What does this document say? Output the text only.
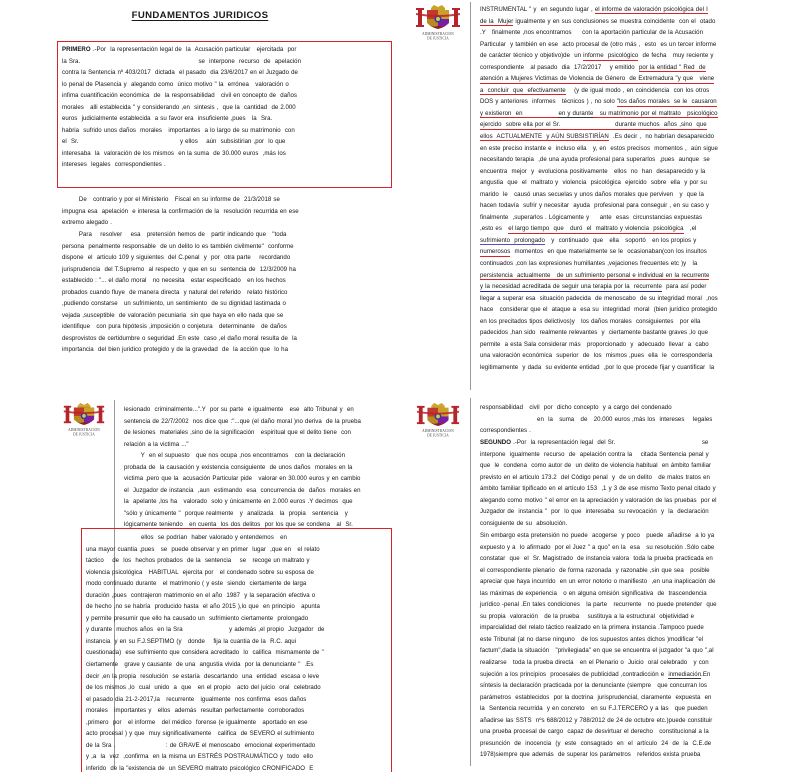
FUNDAMENTOS JURIDICOS
PRIMERO .-Por  la representación legal de  la  Acusación particular   ejercitada  por
la Sra.                                                        se  interpone  recurso  de  apelación
contra la Sentencia nº 403/2017  dictada  el pasado  dia 23/6/2017 en el Juzgado de
lo penal de Plasencia y  alegando como  único motivo " la  errónea   valoración o
infima cuantificación económica  de  la responsabilidad   civil en concepto de  daños
morales   alli establecida " y considerando ,en  sintesis ,  que la  cantidad  de 2.000
euros  judicialmente establecida  a su favor era  insuficiente ,pues   la  Sra.
habria  sufrido unos daños  morales   importantes  a lo largo de su matrimonio  con
el  Sr.                                                y ellos    aún  subsistirian ,por  lo que
interesaba  la  valoración de los mismos  en la suma  de 30.000 euros  ,más los
intereses  legales  correspondientes .
De   contrario y por el Ministerio   Fiscal en su informe de  21/3/2018 se
impugna esa  apelación  e interesa la confirmación de la  resolución recurrida en ese
extremo alegado .
Para    resolver    esa   pretensión hemos de   partir indicando que   "toda
persona  penalmente responsable  de un delito lo es también civilmente"  conforme
dispone  el  articulo 109 y siguientes  del C.penal  y  por  otra parte    recordando
jurisprudencia  del T.Supremo  al respecto  y que en su  sentencia de  12/3/2009 ha
establecido : "... el daño moral   no necesita   estar especificado   en los hechos
probados cuando fluye  de manera directa  y natural del referido   relato histórico
,pudiendo constarse   un sufrimiento, un sentimiento  de su dignidad lastimada o
vejada ,susceptible  de valoración pecuniaria  sin que haya en ello nada que se
identifique   con pura hipótesis ,imposición o conjetura   determinante   de daños
desprovistos de certidumbre o seguridad .En este  caso ,el daño moral resulta de  la
importancia  del bien juridico protegido y de la gravedad  de  la acción que  lo ha
ADMINISTRACION
DE JUSTICIA
INSTRUMENTAL " y  en segundo lugar , el informe de valoración psicológica del I
de la  Mujer igualmente y en sus conclusiones se muestra coincidente  con el  otado
.Y   finalmente ,nos encontramos     con la aportación particular de la Acusación
Particular  y también en ese  acto procesal de (otro más ,  esto  es un tercer informe
de carácter técnico y objetivo)de  un informe  psicológico  de fecha   muy reciente y
correspondiente   al pasado  dia  17/2/2017    y emitido  por la entidad " Red  de
atención a Mujeres Victimas de Violencia de Género  de Extremadura "y que   viene
a  concluir  que  efectivamente    (y de igual modo , en coincidencia  con los otros
DOS y anteriores  informes   técnicos ) , no solo "los daños morales  se le  causaron
y existieron  en                 en y durante   su matrimonio por el maltrato   psicológico
ejercido  sobre ella por el Sr.                          durante muchos  años ,sino  que
ellos  ACTUALMENTE  y AÚN SUBSISTIRÍAN  .Es decir ,  no habrían desaparecido
en este preciso instante e  incluso ella   y, en  estos precisos  momentos ,  aún sigue
necesitando terapia  ,de una ayuda profesional para superarlos  ,pues  aunque  se
encuentra  mejor  y  evoluciona positivamente   ellos  no  han  desaparecido y la
angustia  que  el  maltrato y  violencia  psicológica  ejercido  sobre  ella  y por su
marido  le   causó unas secuelas y unos daños morales que perviven   y  que la
hacen todavía  sufrir y necesitar  ayuda  profesional para conseguir , en su caso y
finalmente  ,superarlos . Lógicamente y     ante  esas  circunstancias expuestas
,esto es   el largo tiempo  que   duró  el  maltrato y violencia  psicológica   ,el
sufrimiento  prolongado   y  continuado  que   ella   soportó   en los propios y
numerosos  momentos  en que materialmente se le  ocasionaban(con los insultos
continuados ,con las expresiones humillantes ,vejaciones frecuentes etc )y   la
persistencia  actualmente   de un sufrimiento personal e individual en la recurrente
y la necesidad acreditada de seguir una terapia por la  recurrente  para así poder
llegar a superar esa  situación padecida  de menoscabo  de su integridad moral  ,nos
hace   considerar que el  ataque a  esa su  integridad  moral  (bien jurídico protegido
en los precitados tipos delictivos)y   los daños morales  consiguientes   por ella
padecidos ,han sido  realmente relevantes  y  ciertamente bastante graves ,lo que
permite  a esta Sala considerar más   proporcionado  y  adecuado  llevar  a  cabo
una valoración económica  superior  de  los  mismos ,pues  ella  le  correspondería
legitimamente  y dada  su evidente entidad  ,por lo que procede fijar y cuantificar  la
ADMINISTRACION
DE JUSTICIA
lesionado  criminalmente...".Y  por su parte  e igualmente   ese  alto Tribunal y  en
sentencia de 22/7/2002  nos dice que :"...que (el daño moral )no deriva  de la prueba
de lesiones  materiales ,sino de la significación   espiritual que el delito tiene  con
relación a la victima ..."
Y  en el supuesto   que nos ocupa ,nos encontramos   con la declaración
probada de  la causación y existencia consiguiente  de unos daños  morales en la
victima ,pero que la  acusación Particular pide   valorar en 30.000 euros y en cambio
el  Juzgador de instancia  ,aun  estimando  esa  concurrencia de  daños  morales en
la  apelante ,los ha   valorado  solo y únicamente en 2.000 euros .Y decimos  que
"sólo y únicamente "  porque realmente   y  analizada   la  propia   sentencia   y
lógicamente teniendo   en cuenta  los dos delitos  por los que se condena   al  Sr.
ellos  se podrían  haber valorado y entendemos   en
una mayor cuantia ,pues   se  puede observar y en primer  lugar  ,que en   el relato
táctico    de  los  hechos probados  de la  sentencia    se   recoge un maltrato y
violencia psicológica   HABITUAL  ejercita por   el condenado sobre su esposa de
modo continuado durante   el matrimonio ( y este  siendo  ciertamente de larga
duración ,pues  contrajeron matrimonio en el año  1987  y la separación efectiva o
de hecho ,no se habría  producido hasta  el año 2015 ),lo que  en principio   apunta
y permite presumir que ello ha causado un  sufrimiento ciertamente  prolongado
y durante  muchos años  en la Sra                      y además ,el propio  Juzgador  de
instancia  y en su F.J.SEPTIMO (y   donde    fija la cuantia de la  R.C. aqui
cuestionada)  ese sufrimiento que considera acreditado  lo  califica  mismamente de "
ciertamente   grave y causante  de una  angustia vivida  por la denunciante "  .Es
decir ,en la propia  resolución  se estaría  descartando  una  entidad  escasa o leve
de los mismos ,lo  cual  unido  a  que   en el propio   acto del juicio  oral  celebrado
el pasado dia 21-2-2017,la   recurrente   igualmente  nos confirma  esos daños
morales   importantes y   ellos  además  resultan perfectamente  corroborados
,primero  por   el informe   del médico  forense (e igualmente   aportado en ese
acto procesal ) y que  muy significativamente   califica  de SEVERO el sufrimiento
de la Sra .                        : de GRAVE el menoscabo  emocional experimentado
y ,a  la  vez  ,confirma  en la misma un ESTRÉS POSTRAUMÁTICO y  todo  ello
inferido  de la "existencia de  un SEVERO maltrato psicológico CRONIFICADO  E
ADMINISTRACION
DE JUSTICIA
responsabilidad   civil  por  dicho concepto  y a cargo del condenado
en  la   suma   de   20.000 euros ,más los  intereses    legales
correspondientes .
SEGUNDO .-Por  la representación legal  del Sr.                                         se
interpone  igualmente  recurso  de  apelación contra la    citada Sentencia penal y
que  le  condena  como autor de  un delito de violencia habitual  en ámbito familiar
previsto en el articulo 173.2  del Código penal  y  de un delito   de malos tratos en
ámbito familiar tipificado en el artículo 153  ,1 y 3 de ese mismo Texto penal citado y
alegando como motivo " el error en la apreciación y valoración de las pruebas  por el
Juzgador de  instancia "  por  lo que  interesaba  su revocación  y  la  declaración
consiguiente de su  absolución.
Sin embargo esta pretensión no puede  acogerse  y poco   puede  añadirse  a lo ya
expuesto y a  lo afirmado  por el Juez " a quo" en la  esa   su resolución .Sólo cabe
constatar  que  el  Sr. Magistrado  de instancia valora  toda la prueba practicada en
el correspondiente plenario  de forma razonada  y razonable ,sin que sea   posible
apreciar que haya incurrido  en un error notorio o manifiesto  ,en una inaplicación de
las máximas de experiencia   o en alguna omisión significativa  de  trascendencia
jurídico -penal .En tales condiciones   la parte   recurrente   no puede pretender  que
su propia  valoración   de la prueba    sustituya a la estructural  objetividad e
imparcialidad del relato táctico realizado en la primera instancia .Tampoco puede
este Tribunal (al no darse ninguno   de los supuestos antes dichos )modificar "el
factum",dada la situación   "privilegiada" en que se encuentra el juzgador "a quo ",al
realizarse   toda la prueba directa   en el Plenario o  Juicio  oral celebrado   y con
sujeción a los principios  procesales de publicidad ,contradicción e  inmediación.En
síntesis la declaración practicada por la denunciante (siempre   que concurran los
parámetros  establecidos  por la doctrina  jurisprudencial, claramente  expuesta  en
la  Sentencia recurrida  y en concreto   en su F.J.TERCERO y a las   que pueden
añadirse las SSTS  nºs 688/2012 y 788/2012 de 24 de octubre etc.)puede constituir
una prueba procesal de cargo  capaz de desvirtuar el derecho   constitucional a la
presunción  de  inocencia  (y  este  consagrado  en  el  artículo  24  de  la  C.E.de
1978)siempre que además  de superar los parámetros   referidos exista prueba
